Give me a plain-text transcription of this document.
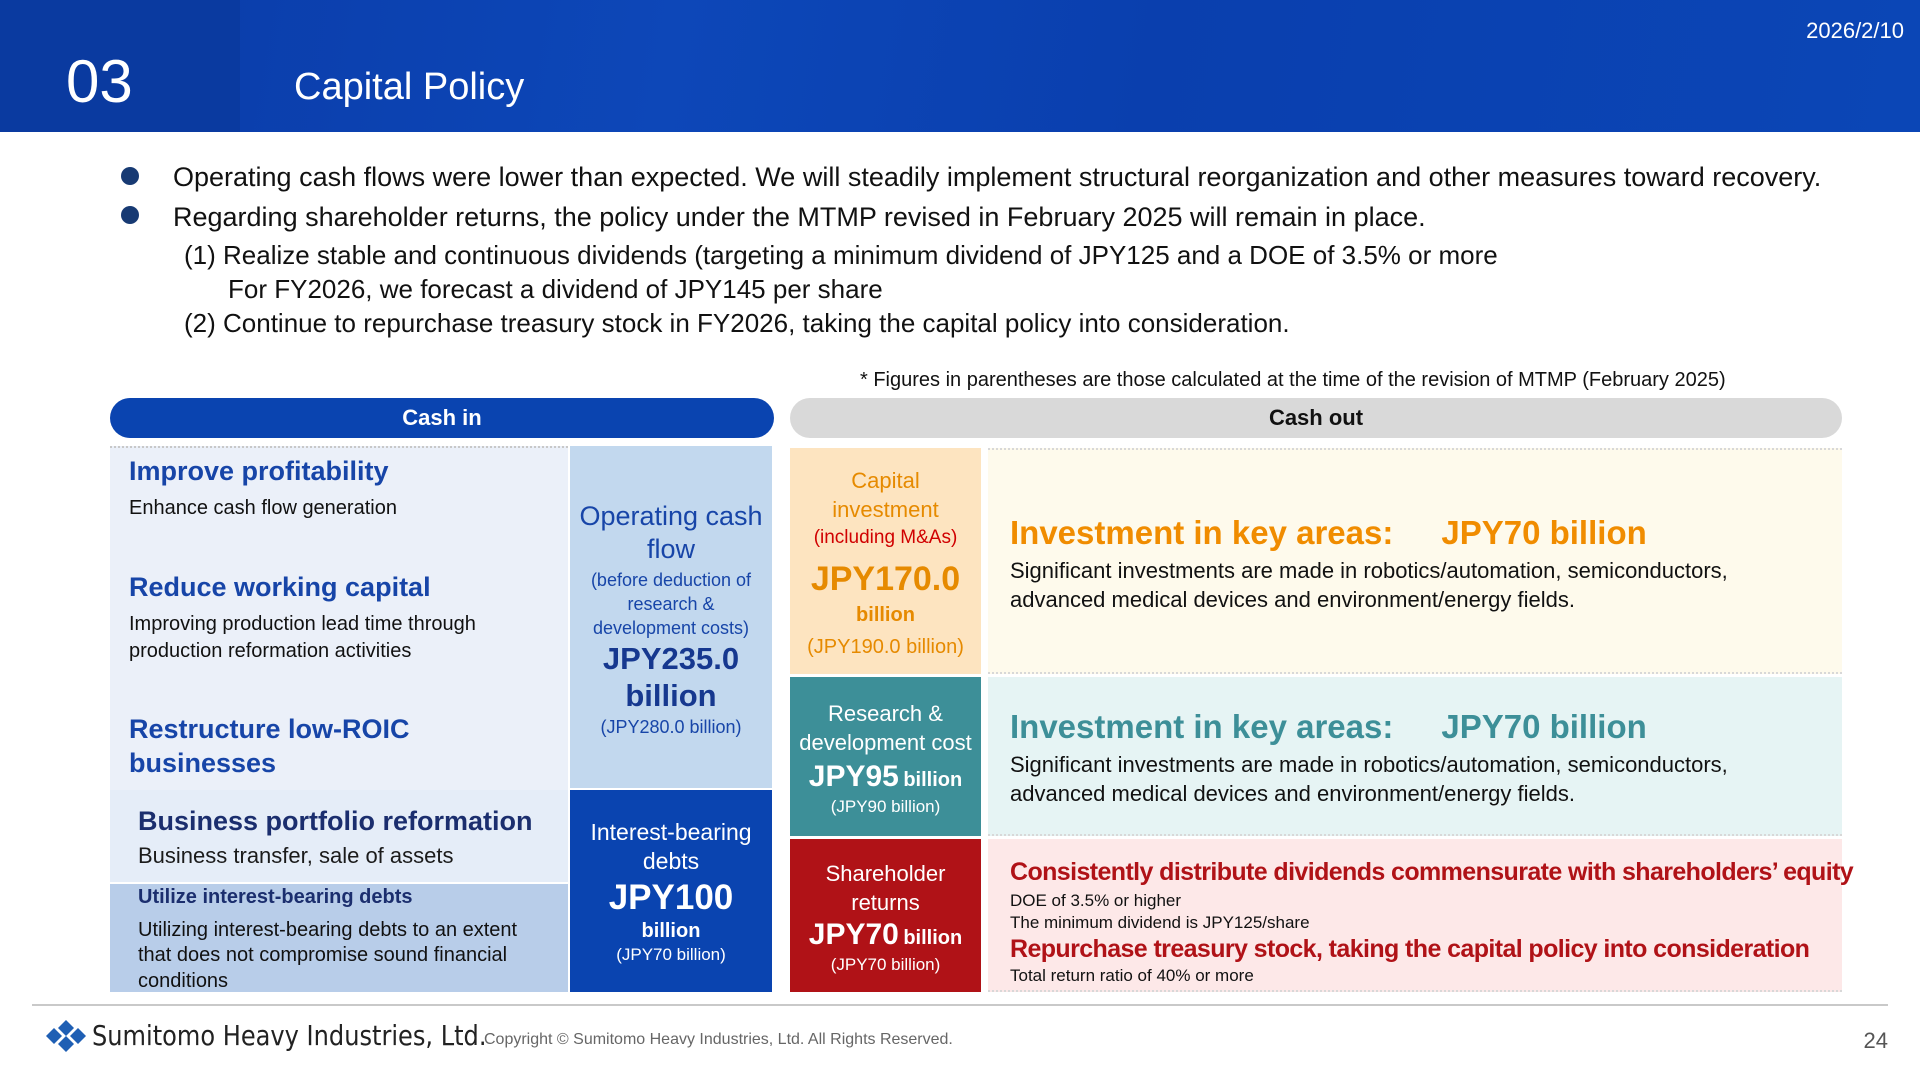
03	Capital Policy
2026/2/10
Operating cash flows were lower than expected. We will steadily implement structural reorganization and other measures toward recovery.
Regarding shareholder returns, the policy under the MTMP revised in February 2025 will remain in place.
(1) Realize stable and continuous dividends (targeting a minimum dividend of JPY125 and a DOE of 3.5% or more
For FY2026, we forecast a dividend of JPY145 per share
(2) Continue to repurchase treasury stock in FY2026, taking the capital policy into consideration.
* Figures in parentheses are those calculated at the time of the revision of MTMP (February 2025)
Cash in	Cash out
Improve profitability
Enhance cash flow generation
Reduce working capital
Improving production lead time through
production reformation activities
Restructure low-ROIC
businesses
Operating cash
flow
(before deduction of
research &
development costs)
JPY235.0
billion
(JPY280.0 billion)
Business portfolio reformation
Business transfer, sale of assets
Utilize interest-bearing debts
Utilizing interest-bearing debts to an extent
that does not compromise sound financial
conditions
Interest-bearing
debts
JPY100
billion
(JPY70 billion)
Capital
investment
(including M&As)
JPY170.0
billion
(JPY190.0 billion)
Investment in key areas: JPY70 billion
Significant investments are made in robotics/automation, semiconductors,
advanced medical devices and environment/energy fields.
Research &
development cost
JPY95 billion
(JPY90 billion)
Investment in key areas: JPY70 billion
Significant investments are made in robotics/automation, semiconductors,
advanced medical devices and environment/energy fields.
Shareholder
returns
JPY70 billion
(JPY70 billion)
Consistently distribute dividends commensurate with shareholders’ equity
DOE of 3.5% or higher
The minimum dividend is JPY125/share
Repurchase treasury stock, taking the capital policy into consideration
Total return ratio of 40% or more
Sumitomo Heavy Industries, Ltd.
Copyright © Sumitomo Heavy Industries, Ltd. All Rights Reserved.	24
